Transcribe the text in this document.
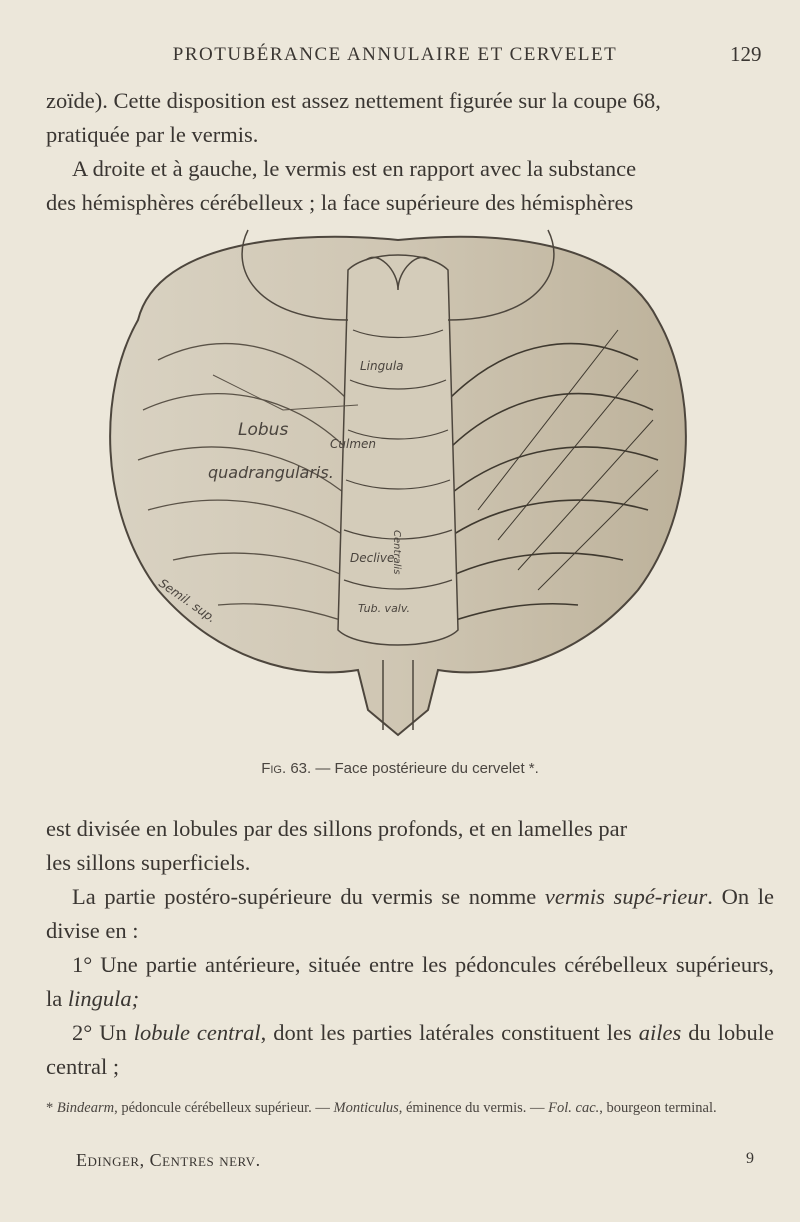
PROTUBÉRANCE ANNULAIRE ET CERVELET	129

zoïde). Cette disposition est assez nettement figurée sur la coupe 68,

pratiquée par le vermis.

A droite et à gauche, le vermis est en rapport avec la substance

des hémisphères cérébelleux ; la face supérieure des hémisphères

Lobus
quadrangularis.
Culmen
Lingula
Declive
Tub. valv.
Semil. sup.
Centralis
Fig. 63. — Face postérieure du cervelet *.

est divisée en lobules par des sillons profonds, et en lamelles par

les sillons superficiels.

La partie postéro-supérieure du vermis se nomme vermis supé-rieur. On le divise en :

1° Une partie antérieure, située entre les pédoncules cérébelleux supérieurs, la lingula;

2° Un lobule central, dont les parties latérales constituent les ailes du lobule central ;

* Bindearm, pédoncule cérébelleux supérieur. — Monticulus, éminence du vermis. — Fol. cac., bourgeon terminal.
Edinger, Centres nerv.	9
